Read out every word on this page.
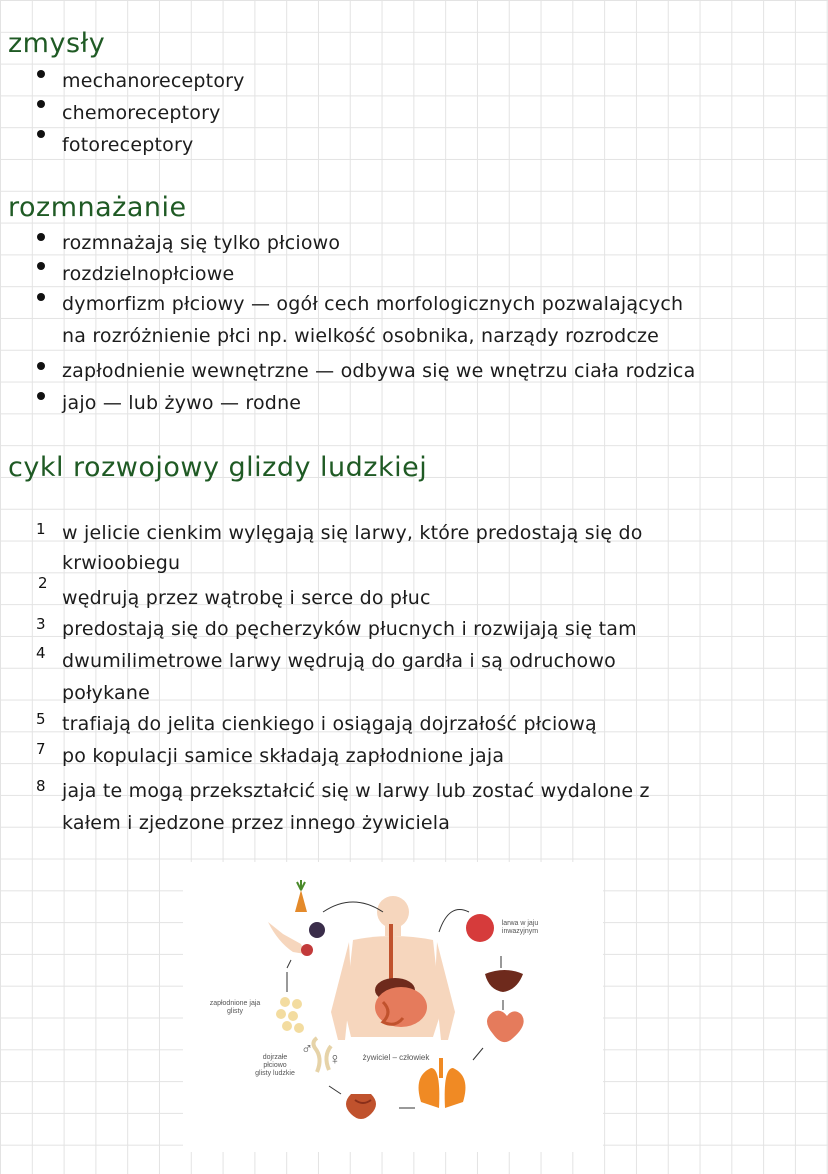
zmysły
mechanoreceptory
chemoreceptory
fotoreceptory
rozmnażanie
rozmnażają się tylko płciowo
rozdzielnopłciowe
dymorfizm płciowy — ogół cech morfologicznych pozwalających
na rozróżnienie płci np. wielkość osobnika, narządy rozrodcze
zapłodnienie wewnętrzne — odbywa się we wnętrzu ciała rodzica
jajo — lub żywo — rodne
cykl rozwojowy glizdy ludzkiej
1 w jelicie cienkim wylęgają się larwy, które predostają się do
krwioobiegu
2
wędrują przez wątrobę i serce do płuc
3 predostają się do pęcherzyków płucnych i rozwijają się tam
4 dwumilimetrowe larwy wędrują do gardła i są odruchowo
połykane
5 trafiają do jelita cienkiego i osiągają dojrzałość płciową
7 po kopulacji samice składają zapłodnione jaja
8 jaja te mogą przekształcić się w larwy lub zostać wydalone z
kałem i zjedzone przez innego żywiciela
larwa w jaju inwazyjnym
zapłodnione jaja glisty
dojrzałe płciowo glisty ludzkie
żywiciel – człowiek
♂
♀
